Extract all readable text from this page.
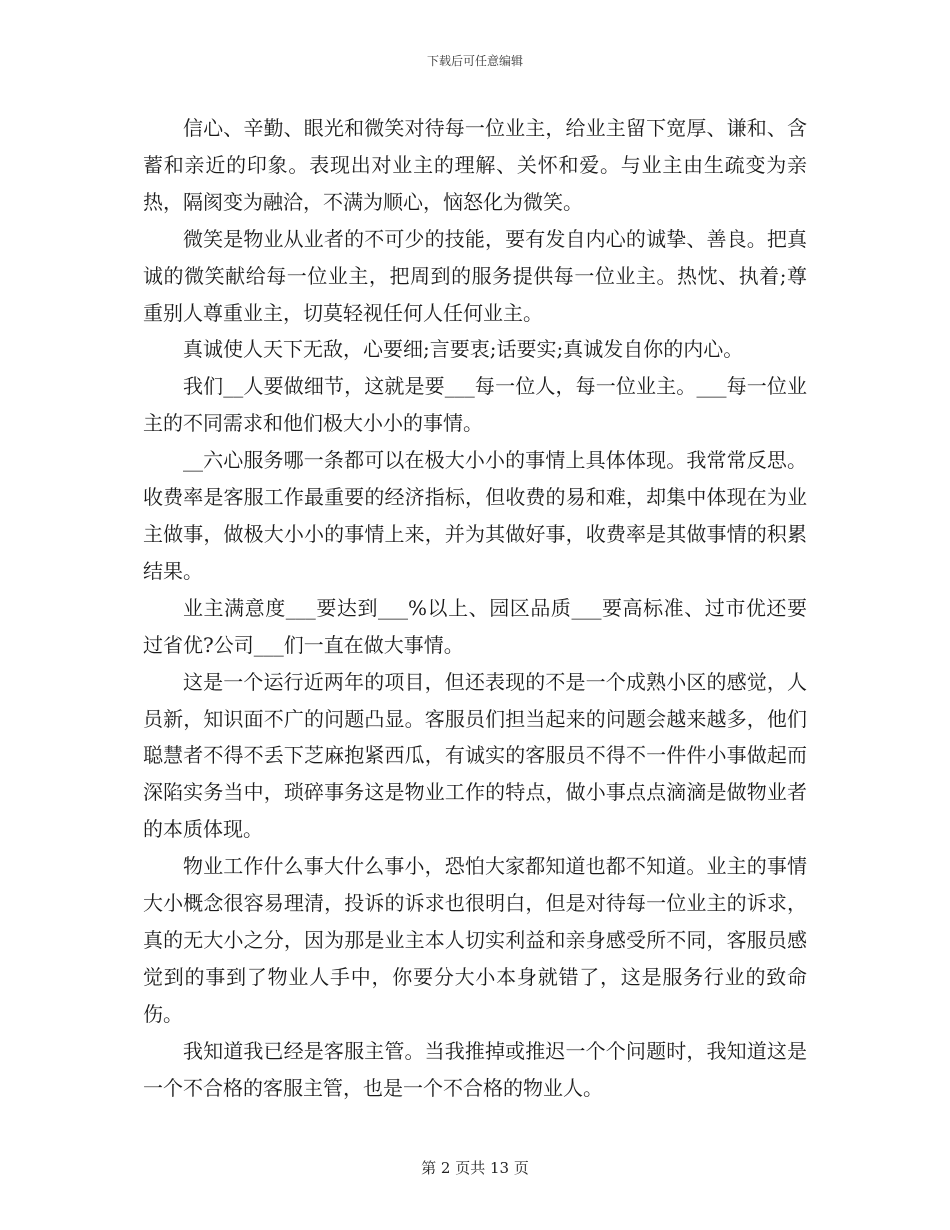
下载后可任意编辑

信心、辛勤、眼光和微笑对待每一位业主，给业主留下宽厚、谦和、含蓄和亲近的印象。表现出对业主的理解、关怀和爱。与业主由生疏变为亲热，隔阂变为融洽，不满为顺心，恼怒化为微笑。

微笑是物业从业者的不可少的技能，要有发自内心的诚挚、善良。把真诚的微笑献给每一位业主，把周到的服务提供每一位业主。热忱、执着;尊重别人尊重业主，切莫轻视任何人任何业主。

真诚使人天下无敌，心要细;言要衷;话要实;真诚发自你的内心。

我们__人要做细节，这就是要___每一位人，每一位业主。___每一位业主的不同需求和他们极大小小的事情。

__六心服务哪一条都可以在极大小小的事情上具体体现。我常常反思。收费率是客服工作最重要的经济指标，但收费的易和难，却集中体现在为业主做事，做极大小小的事情上来，并为其做好事，收费率是其做事情的积累结果。

业主满意度___要达到___%以上、园区品质___要高标准、过市优还要过省优?公司___们一直在做大事情。

这是一个运行近两年的项目，但还表现的不是一个成熟小区的感觉，人员新，知识面不广的问题凸显。客服员们担当起来的问题会越来越多，他们聪慧者不得不丢下芝麻抱紧西瓜，有诚实的客服员不得不一件件小事做起而深陷实务当中，琐碎事务这是物业工作的特点，做小事点点滴滴是做物业者的本质体现。

物业工作什么事大什么事小，恐怕大家都知道也都不知道。业主的事情大小概念很容易理清，投诉的诉求也很明白，但是对待每一位业主的诉求，真的无大小之分，因为那是业主本人切实利益和亲身感受所不同，客服员感觉到的事到了物业人手中，你要分大小本身就错了，这是服务行业的致命伤。

我知道我已经是客服主管。当我推掉或推迟一个个问题时，我知道这是一个不合格的客服主管，也是一个不合格的物业人。

第 2 页共 13 页
